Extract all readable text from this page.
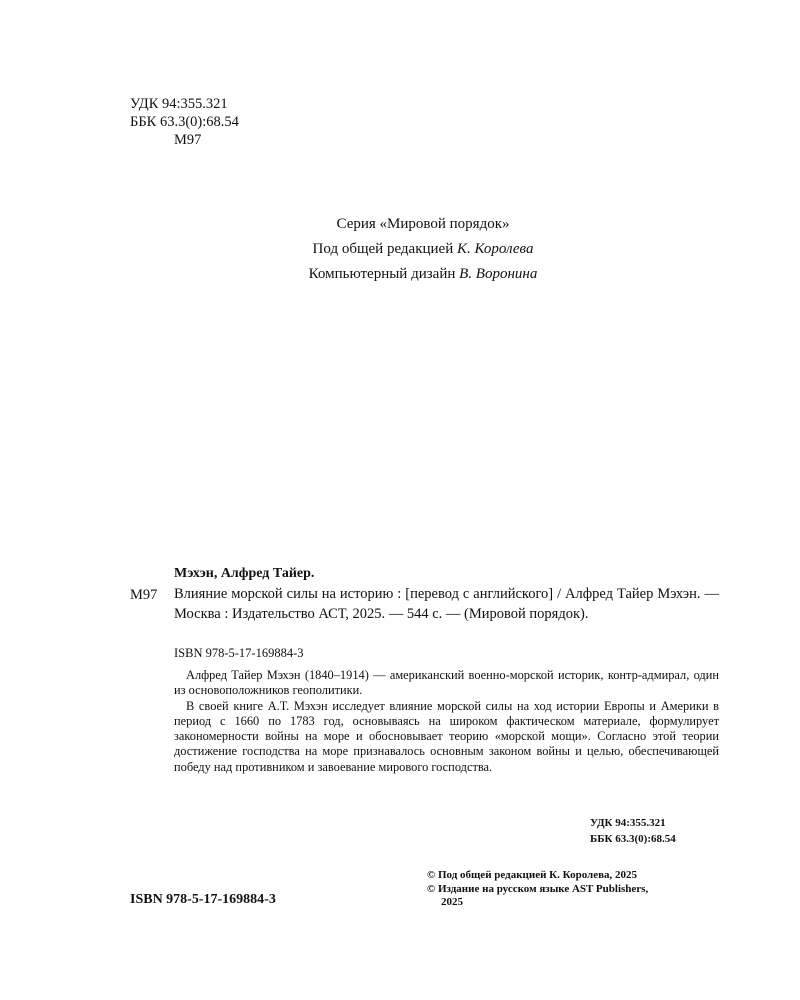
УДК 94:355.321
ББК 63.3(0):68.54
М97
Серия «Мировой порядок»
Под общей редакцией К. Королева
Компьютерный дизайн В. Воронина
Мэхэн, Алфред Тайер.
М97 Влияние морской силы на историю : [перевод с английского] / Алфред Тайер Мэхэн. — Москва : Издательство АСТ, 2025. — 544 с. — (Мировой порядок).
ISBN 978-5-17-169884-3

Алфред Тайер Мэхэн (1840–1914) — американский военно-морской историк, контр-адмирал, один из основоположников геополитики.

В своей книге А.Т. Мэхэн исследует влияние морской силы на ход истории Европы и Америки в период с 1660 по 1783 год, основываясь на широком фактическом материале, формулирует закономерности войны на море и обосновывает теорию «морской мощи». Согласно этой теории достижение господства на море признавалось основным законом войны и целью, обеспечивающей победу над противником и завоевание мирового господства.

УДК 94:355.321
ББК 63.3(0):68.54
© Под общей редакцией К. Королева, 2025
© Издание на русском языке AST Publishers,
2025
ISBN 978-5-17-169884-3
